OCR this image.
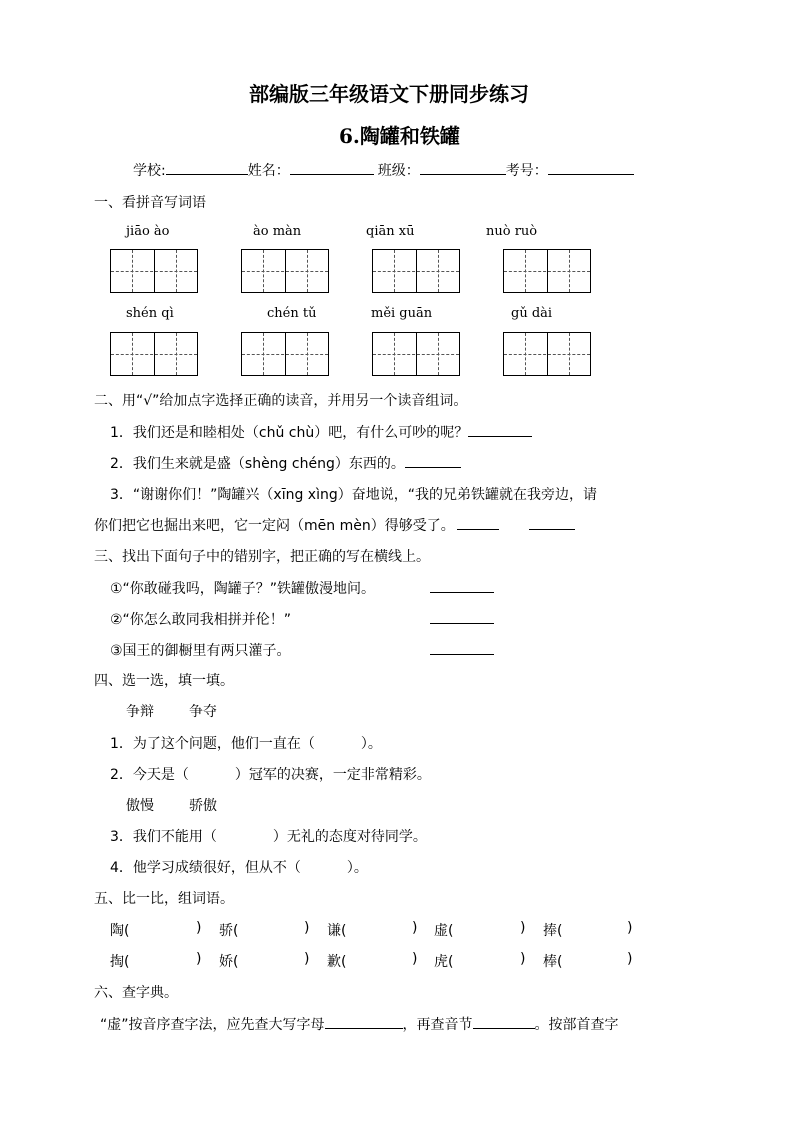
部编版三年级语文下册同步练习
6.陶罐和铁罐
学校:	姓名：	班级：	考号：
一、看拼音写词语
jiāo ào	ào màn	qiān xū	nuò ruò
shén qì	chén tǔ	měi guān	gǔ dài
二、用“√”给加点字选择正确的读音，并用另一个读音组词。
1．我们还是和睦相处（chǔ chù）吧，有什么可吵的呢？
2．我们生来就是盛（shèng chéng）东西的。
3．“谢谢你们！”陶罐兴（xīng xìng）奋地说，“我的兄弟铁罐就在我旁边，请
你们把它也掘出来吧，它一定闷（mēn mèn）得够受了。
三、找出下面句子中的错别字，把正确的写在横线上。
①“你敢碰我吗，陶罐子？”铁罐傲漫地问。
②“你怎么敢同我相拼并伦！”
③国王的御橱里有两只灌子。
四、选一选，填一填。
争辩	争夺
1．为了这个问题，他们一直在（	）。
2．今天是（	）冠军的决赛，一定非常精彩。
傲慢	骄傲
3．我们不能用（	）无礼的态度对待同学。
4．他学习成绩很好，但从不（	）。
五、比一比，组词语。
陶(	) 骄(	) 谦(	) 虚(	) 捧(	)
掏(	) 娇(	) 歉(	) 虎(	) 棒(	)
六、查字典。
“虚”按音序查字法，应先查大写字母	，再查音节	。按部首查字
